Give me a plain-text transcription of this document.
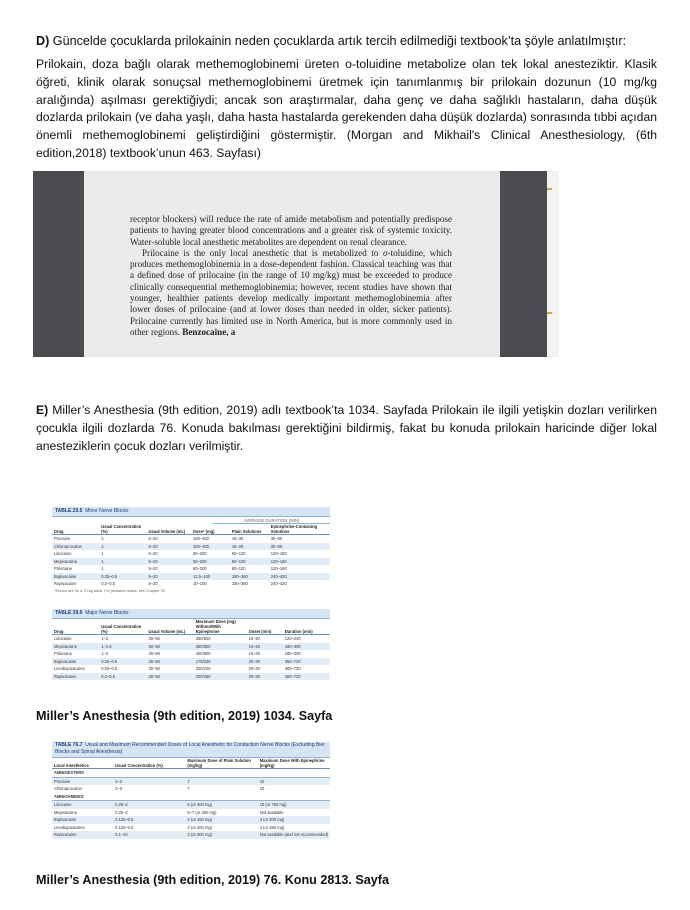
D) Güncelde çocuklarda prilokainin neden çocuklarda artık tercih edilmediği textbook’ta şöyle anlatılmıştır:
Prilokain, doza bağlı olarak methemoglobinemi üreten o-toluidine metabolize olan tek lokal anesteziktir. Klasik öğreti, klinik olarak sonuçsal methemoglobinemi üretmek için tanımlanmış bir prilokain dozunun (10 mg/kg aralığında) aşılması gerektiğiydi; ancak son araştırmalar, daha genç ve daha sağlıklı hastaların, daha düşük dozlarda prilokain (ve daha yaşlı, daha hasta hastalarda gerekenden daha düşük dozlarda) sonrasında tıbbi açıdan önemli methemoglobinemi geliştirdiğini göstermiştir. (Morgan and Mikhail's Clinical Anesthesiology, (6th edition,2018) textbook’unun 463. Sayfası)

receptor blockers) will reduce the rate of amide metabolism and potentially predispose patients to having greater blood concentrations and a greater risk of systemic toxicity. Water-soluble local anesthetic metabolites are dependent on renal clearance.

Prilocaine is the only local anesthetic that is metabolized to o-toluidine, which produces methemoglobinemia in a dose-dependent fashion. Classical teaching was that a defined dose of prilocaine (in the range of 10 mg/kg) must be exceeded to produce clinically consequential methemoglobinemia; however, recent studies have shown that younger, healthier patients develop medically important methemoglobinemia after lower doses of prilocaine (and at lower doses than needed in older, sicker patients). Prilocaine currently has limited use in North America, but is more commonly used in other regions. Benzocaine, a

E) Miller’s Anesthesia (9th edition, 2019) adlı textbook’ta 1034. Sayfada Prilokain ile ilgili yetişkin dozları verilirken çocukla ilgili dozlarda 76. Konuda bakılması gerektiğini bildirmiş, fakat bu konuda prilokain haricinde diğer lokal anesteziklerin çocuk dozları verilmiştir.
TABLE 29.5 Minor Nerve Blocks
AVERAGE DURATION (MIN)
Drug	Usual Concentration (%)	Usual Volume (mL)	Doseª (mg)	Plain Solutions	Epinephrine-Containing Solutions
Procaine	2	5–20	100–400	15–30	30–60
Chloroprocaine	2	5–20	100–400	15–20	30–60
Lidocaine	1	5–20	50–200	60–120	120–180
Mepivacaine	1	5–20	50–200	60–120	120–180
Prilocaine	1	5–20	50–200	60–120	120–180
Bupivacaine	0.25–0.5	5–20	12.5–100	180–360	240–420
Ropivacaine	0.2–0.5	5–20	10–100	180–360	240–420
ªDoses are for a 70-kg adult. For pediatric doses, see Chapter 76.
TABLE 29.6 Major Nerve Blocks
Drug	Usual Concentration (%)	Usual Volume (mL)	Maximum Dose (mg) Without/With Epinephrine	Onset (min)	Duration (min)
Lidocaine	1–2	30–50	350/500	10–20	120–240
Mepivacaine	1–1.5	30–50	350/500	10–20	180–300
Prilocaine	1–2	30–50	400/600	10–20	180–300
Bupivacaine	0.25–0.5	30–50	175/225	20–30	360–720
Levobupivacaine	0.25–0.5	30–50	200/225	20–30	360–720
Ropivacaine	0.2–0.5	30–50	200/250	20–30	360–720
Miller’s Anesthesia (9th edition, 2019) 1034. Sayfa
TABLE 76.7 Usual and Maximum Recommended Doses of Local Anesthetic for Conduction Nerve Blocks (Excluding Bier Blocks and Spinal Anesthesia)
Local Anesthetics	Usual Concentration (%)	Maximum Dose of Plain Solution (mg/kg)	Maximum Dose With Epinephrine (mg/kg)
AMINOESTERS			
Procaine	1–2	7	10
Chloroprocaine	2–3	7	10
AMINOAMIDES			
Lidocaine	0.25–2	5 (or 400 mg)	10 (or 700 mg)
Mepivacaine	0.25–2	5–7 (or 400 mg)	Not available
Bupivacaine	0.125–0.5	2 (or 150 mg)	3 (or 200 mg)
Levobupivacaine	0.125–0.5	3 (or 200 mg)	4 (or 250 mg)
Ropivacaine	0.1–10	3 (or 300 mg)	Not available (and not recommended)
Miller’s Anesthesia (9th edition, 2019) 76. Konu 2813. Sayfa
